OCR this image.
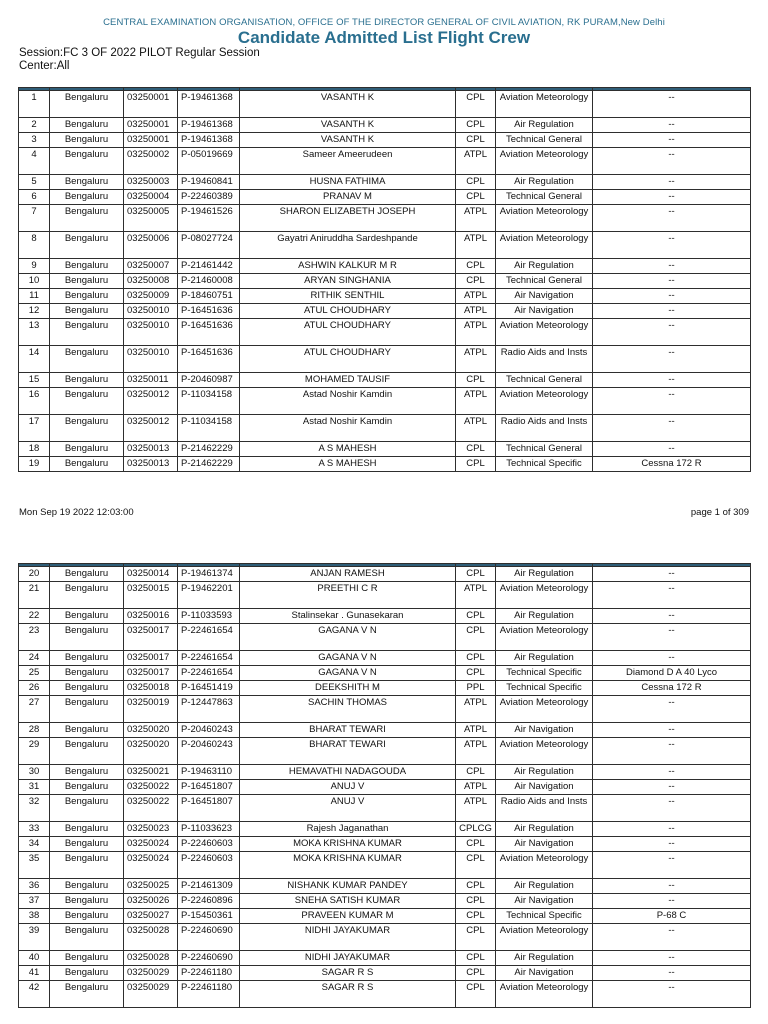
CENTRAL EXAMINATION ORGANISATION, OFFICE OF THE DIRECTOR GENERAL OF CIVIL AVIATION, RK PURAM,New Delhi
Candidate Admitted List Flight Crew
Session:FC 3 OF 2022 PILOT Regular Session
Center:All

1	Bengaluru	03250001	P-19461368	VASANTH K	CPL	Aviation Meteorology	--
2	Bengaluru	03250001	P-19461368	VASANTH K	CPL	Air Regulation	--
3	Bengaluru	03250001	P-19461368	VASANTH K	CPL	Technical General	--
4	Bengaluru	03250002	P-05019669	Sameer Ameerudeen	ATPL	Aviation Meteorology	--
5	Bengaluru	03250003	P-19460841	HUSNA FATHIMA	CPL	Air Regulation	--
6	Bengaluru	03250004	P-22460389	PRANAV M	CPL	Technical General	--
7	Bengaluru	03250005	P-19461526	SHARON ELIZABETH JOSEPH	ATPL	Aviation Meteorology	--
8	Bengaluru	03250006	P-08027724	Gayatri Aniruddha Sardeshpande	ATPL	Aviation Meteorology	--
9	Bengaluru	03250007	P-21461442	ASHWIN KALKUR M R	CPL	Air Regulation	--
10	Bengaluru	03250008	P-21460008	ARYAN SINGHANIA	CPL	Technical General	--
11	Bengaluru	03250009	P-18460751	RITHIK SENTHIL	ATPL	Air Navigation	--
12	Bengaluru	03250010	P-16451636	ATUL CHOUDHARY	ATPL	Air Navigation	--
13	Bengaluru	03250010	P-16451636	ATUL CHOUDHARY	ATPL	Aviation Meteorology	--
14	Bengaluru	03250010	P-16451636	ATUL CHOUDHARY	ATPL	Radio Aids and Insts	--
15	Bengaluru	03250011	P-20460987	MOHAMED TAUSIF	CPL	Technical General	--
16	Bengaluru	03250012	P-11034158	Astad Noshir Kamdin	ATPL	Aviation Meteorology	--
17	Bengaluru	03250012	P-11034158	Astad Noshir Kamdin	ATPL	Radio Aids and Insts	--
18	Bengaluru	03250013	P-21462229	A S MAHESH	CPL	Technical General	--
19	Bengaluru	03250013	P-21462229	A S MAHESH	CPL	Technical Specific	Cessna 172 R
Mon Sep 19 2022 12:03:00	page 1 of 309

20	Bengaluru	03250014	P-19461374	ANJAN RAMESH	CPL	Air Regulation	--
21	Bengaluru	03250015	P-19462201	PREETHI C R	ATPL	Aviation Meteorology	--
22	Bengaluru	03250016	P-11033593	Stalinsekar . Gunasekaran	CPL	Air Regulation	--
23	Bengaluru	03250017	P-22461654	GAGANA V N	CPL	Aviation Meteorology	--
24	Bengaluru	03250017	P-22461654	GAGANA V N	CPL	Air Regulation	--
25	Bengaluru	03250017	P-22461654	GAGANA V N	CPL	Technical Specific	Diamond D A 40 Lyco
26	Bengaluru	03250018	P-16451419	DEEKSHITH M	PPL	Technical Specific	Cessna 172 R
27	Bengaluru	03250019	P-12447863	SACHIN THOMAS	ATPL	Aviation Meteorology	--
28	Bengaluru	03250020	P-20460243	BHARAT TEWARI	ATPL	Air Navigation	--
29	Bengaluru	03250020	P-20460243	BHARAT TEWARI	ATPL	Aviation Meteorology	--
30	Bengaluru	03250021	P-19463110	HEMAVATHI NADAGOUDA	CPL	Air Regulation	--
31	Bengaluru	03250022	P-16451807	ANUJ V	ATPL	Air Navigation	--
32	Bengaluru	03250022	P-16451807	ANUJ V	ATPL	Radio Aids and Insts	--
33	Bengaluru	03250023	P-11033623	Rajesh Jaganathan	CPLCG	Air Regulation	--
34	Bengaluru	03250024	P-22460603	MOKA KRISHNA KUMAR	CPL	Air Navigation	--
35	Bengaluru	03250024	P-22460603	MOKA KRISHNA KUMAR	CPL	Aviation Meteorology	--
36	Bengaluru	03250025	P-21461309	NISHANK KUMAR PANDEY	CPL	Air Regulation	--
37	Bengaluru	03250026	P-22460896	SNEHA SATISH KUMAR	CPL	Air Navigation	--
38	Bengaluru	03250027	P-15450361	PRAVEEN KUMAR M	CPL	Technical Specific	P-68 C
39	Bengaluru	03250028	P-22460690	NIDHI JAYAKUMAR	CPL	Aviation Meteorology	--
40	Bengaluru	03250028	P-22460690	NIDHI JAYAKUMAR	CPL	Air Regulation	--
41	Bengaluru	03250029	P-22461180	SAGAR R S	CPL	Air Navigation	--
42	Bengaluru	03250029	P-22461180	SAGAR R S	CPL	Aviation Meteorology	--
